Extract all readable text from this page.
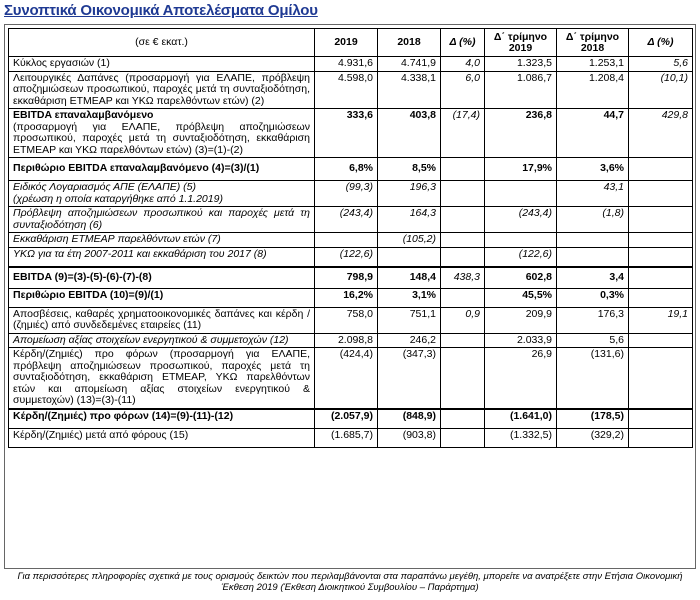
Συνοπτικά Οικονομικά Αποτελέσματα Ομίλου
(σε € εκατ.)	2019	2018	Δ (%)	Δ΄ τρίμηνο 2019	Δ΄ τρίμηνο 2018	Δ (%)
Κύκλος εργασιών (1)	4.931,6	4.741,9	4,0	1.323,5	1.253,1	5,6
Λειτουργικές Δαπάνες (προσαρμογή για ΕΛΑΠΕ, πρόβλεψη αποζημιώσεων προσωπικού, παροχές μετά τη συνταξιοδότηση, εκκαθάριση ΕΤΜΕΑΡ και ΥΚΩ παρελθόντων ετών) (2)	4.598,0	4.338,1	6,0	1.086,7	1.208,4	(10,1)
ΕΒΙΤDA επαναλαμβανόμενο
(προσαρμογή για ΕΛΑΠΕ, πρόβλεψη αποζημιώσεων προσωπικού, παροχές μετά τη συνταξιοδότηση, εκκαθάριση ΕΤΜΕΑΡ και ΥΚΩ παρελθόντων ετών) (3)=(1)-(2)	333,6	403,8	(17,4)	236,8	44,7	429,8
Περιθώριο ΕΒΙΤDA επαναλαμβανόμενο (4)=(3)/(1)	6,8%	8,5%		17,9%	3,6%	
Ειδικός Λογαριασμός ΑΠΕ (ΕΛΑΠΕ) (5)
(χρέωση η οποία καταργήθηκε από 1.1.2019)	(99,3)	196,3			43,1	
Πρόβλεψη αποζημιώσεων προσωπικού και παροχές μετά τη συνταξιοδότηση (6)	(243,4)	164,3		(243,4)	(1,8)	
Εκκαθάριση ΕΤΜΕΑΡ παρελθόντων ετών (7)		(105,2)				
ΥΚΩ για τα έτη 2007-2011 και εκκαθάριση του 2017 (8)	(122,6)			(122,6)		
EBITDA (9)=(3)-(5)-(6)-(7)-(8)	798,9	148,4	438,3	602,8	3,4	
Περιθώριο EBITDA (10)=(9)/(1)	16,2%	3,1%		45,5%	0,3%	
Αποσβέσεις, καθαρές χρηματοοικονομικές δαπάνες και κέρδη / (ζημιές) από συνδεδεμένες εταιρείες (11)	758,0	751,1	0,9	209,9	176,3	19,1
Απομείωση αξίας στοιχείων ενεργητικού & συμμετοχών (12)	2.098,8	246,2		2.033,9	5,6	
Κέρδη/(Ζημιές) προ φόρων (προσαρμογή για ΕΛΑΠΕ, πρόβλεψη αποζημιώσεων προσωπικού, παροχές μετά τη συνταξιοδότηση, εκκαθάριση ΕΤΜΕΑΡ, ΥΚΩ παρελθόντων ετών και απομείωση αξίας στοιχείων ενεργητικού & συμμετοχών) (13)=(3)-(11)	(424,4)	(347,3)		26,9	(131,6)	
Κέρδη/(Ζημιές) προ φόρων (14)=(9)-(11)-(12)	(2.057,9)	(848,9)		(1.641,0)	(178,5)	
Κέρδη/(Ζημιές) μετά από φόρους (15)	(1.685,7)	(903,8)		(1.332,5)	(329,2)	
Για περισσότερες πληροφορίες σχετικά με τους ορισμούς δεικτών που περιλαμβάνονται στα παραπάνω μεγέθη, μπορείτε να ανατρέξετε στην Ετήσια Οικονομική Έκθεση 2019 (Έκθεση Διοικητικού Συμβουλίου – Παράρτημα)
